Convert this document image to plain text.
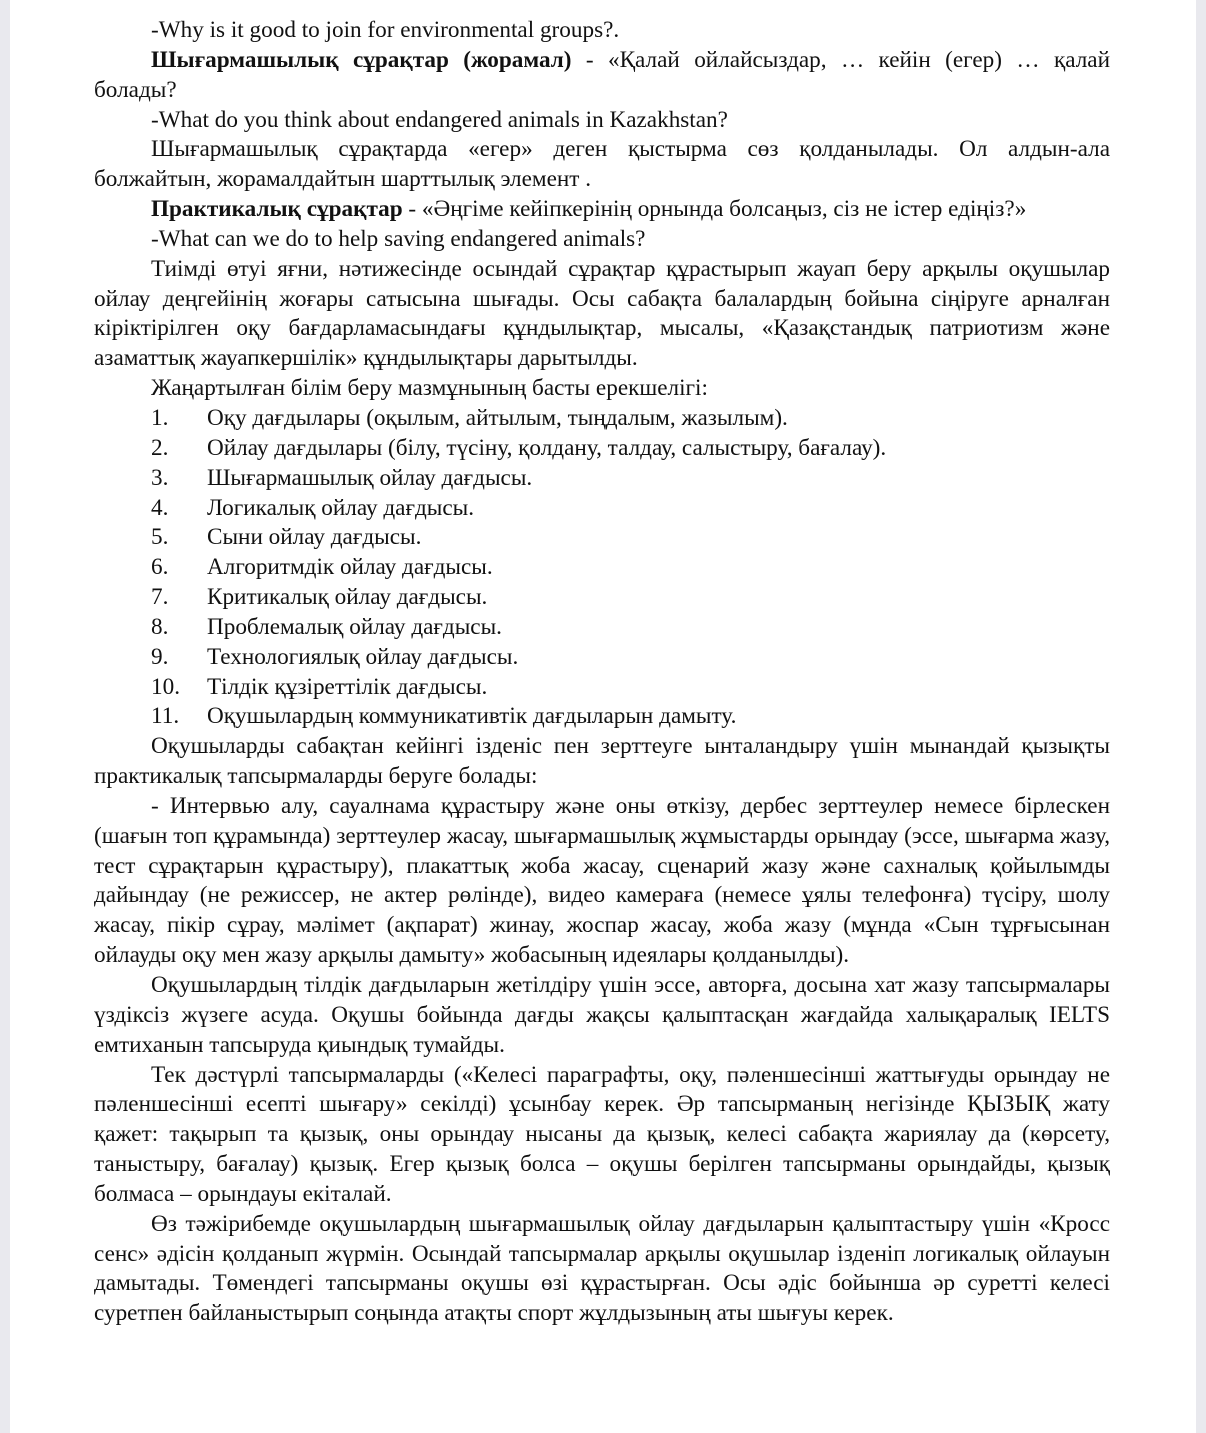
-Why is it good to join for environmental groups?.

Шығармашылық сұрақтар (жорамал) - «Қалай ойлайсыздар, … кейін (егер) … қалай болады?

-What do you think about endangered animals in Kazakhstan?

Шығармашылық сұрақтарда «егер» деген қыстырма сөз қолданылады. Ол алдын-ала болжайтын, жорамалдайтын шарттылық элемент .

Практикалық сұрақтар - «Әңгіме кейіпкерінің орнында болсаңыз, сіз не істер едіңіз?»

-What can we do to help saving endangered animals?

Тиімді өтуі яғни, нәтижесінде осындай сұрақтар құрастырып жауап беру арқылы оқушылар ойлау деңгейінің жоғары сатысына шығады. Осы сабақта балалардың бойына сіңіруге арналған кіріктірілген оқу бағдарламасындағы құндылықтар, мысалы, «Қазақстандық патриотизм және азаматтық жауапкершілік» құндылықтары дарытылды.

Жаңартылған білім беру мазмұнының басты ерекшелігі:

1.	Оқу дағдылары (оқылым, айтылым, тыңдалым, жазылым).
2.	Ойлау дағдылары (білу, түсіну, қолдану, талдау, салыстыру, бағалау).
3.	Шығармашылық ойлау дағдысы.
4.	Логикалық ойлау дағдысы.
5.	Сыни ойлау дағдысы.
6.	Алгоритмдік ойлау дағдысы.
7.	Критикалық ойлау дағдысы.
8.	Проблемалық ойлау дағдысы.
9.	Технологиялық ойлау дағдысы.
10.	Тілдік құзіреттілік дағдысы.
11.	Оқушылардың коммуникативтік дағдыларын дамыту.

Оқушыларды сабақтан кейінгі ізденіс пен зерттеуге ынталандыру үшін мынандай қызықты практикалық тапсырмаларды беруге болады:

- Интервью алу, сауалнама құрастыру және оны өткізу, дербес зерттеулер немесе бірлескен (шағын топ құрамында) зерттеулер жасау, шығармашылық жұмыстарды орындау (эссе, шығарма жазу, тест сұрақтарын құрастыру), плакаттық жоба жасау, сценарий жазу және сахналық қойылымды дайындау (не режиссер, не актер рөлінде), видео камераға (немесе ұялы телефонға) түсіру, шолу жасау, пікір сұрау, мәлімет (ақпарат) жинау, жоспар жасау, жоба жазу (мұнда «Сын тұрғысынан ойлауды оқу мен жазу арқылы дамыту» жобасының идеялары қолданылды).

Оқушылардың тілдік дағдыларын жетілдіру үшін эссе, авторға, досына хат жазу тапсырмалары үздіксіз жүзеге асуда. Оқушы бойында дағды жақсы қалыптасқан жағдайда халықаралық IELTS емтиханын тапсыруда қиындық тумайды.

Тек дәстүрлі тапсырмаларды («Келесі параграфты, оқу, пәленшесінші жаттығуды орындау не пәленшесінші есепті шығару» секілді) ұсынбау керек. Әр тапсырманың негізінде ҚЫЗЫҚ жату қажет: тақырып та қызық, оны орындау нысаны да қызық, келесі сабақта жариялау да (көрсету, таныстыру, бағалау) қызық. Егер қызық болса – оқушы берілген тапсырманы орындайды, қызық болмаса – орындауы екіталай.

Өз тәжірибемде оқушылардың шығармашылық ойлау дағдыларын қалыптастыру үшін «Кросс сенс» әдісін қолданып жүрмін. Осындай тапсырмалар арқылы оқушылар ізденіп логикалық ойлауын дамытады. Төмендегі тапсырманы оқушы өзі құрастырған. Осы әдіс бойынша әр суретті келесі суретпен байланыстырып соңында атақты спорт жұлдызының аты шығуы керек.
